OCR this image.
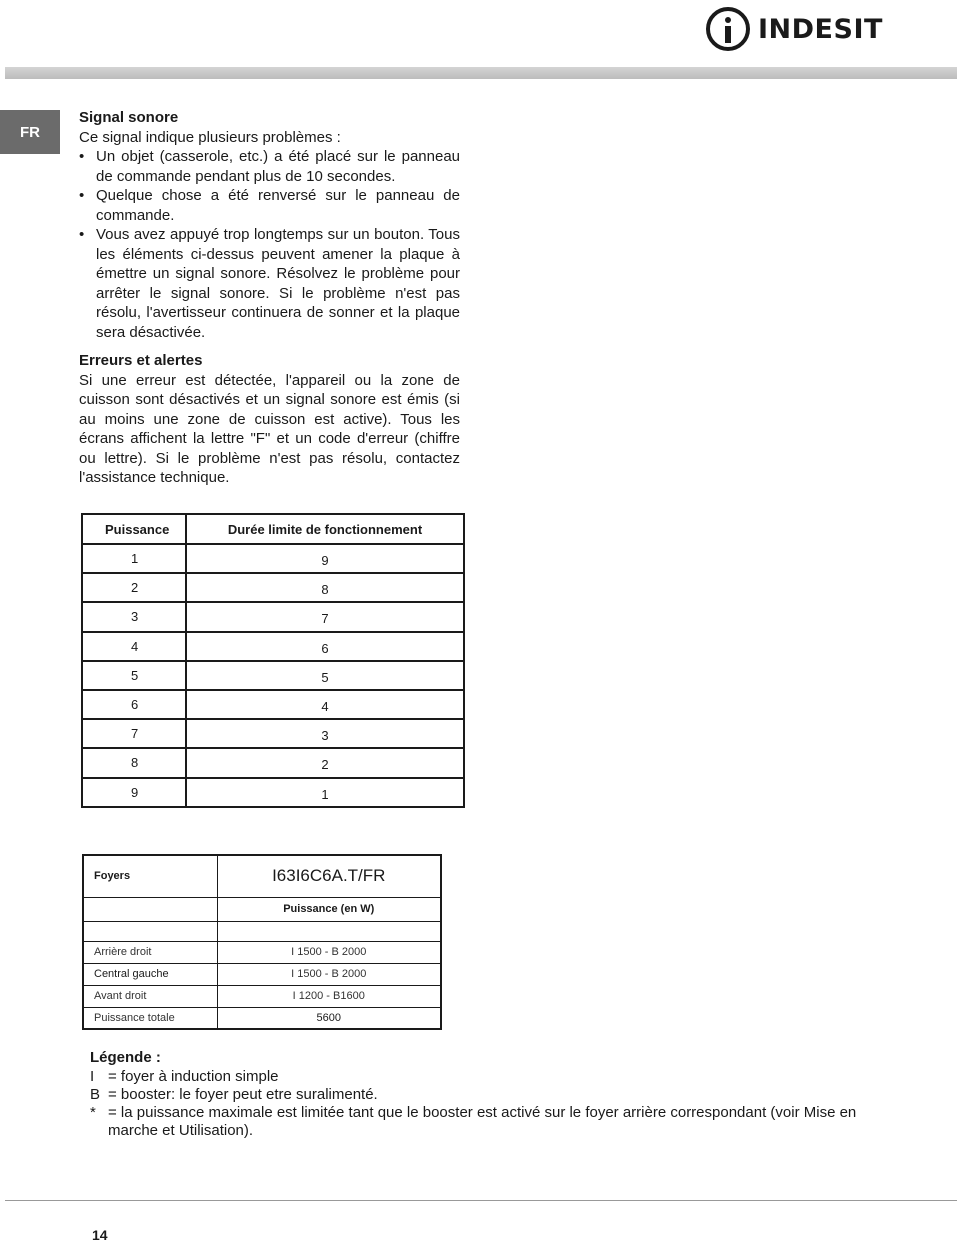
INDESIT
FR
Signal sonore

Ce signal indique plusieurs problèmes :

• Un objet (casserole, etc.) a été placé sur le panneau de commande pendant plus de 10 secondes.
• Quelque chose a été renversé sur le panneau de commande.
• Vous avez appuyé trop longtemps sur un bouton. Tous les éléments ci-dessus peuvent amener la plaque à émettre un signal sonore. Résolvez le problème pour arrêter le signal sonore. Si le problème n'est pas résolu, l'avertisseur continuera de sonner et la plaque sera désactivée.
Erreurs et alertes

Si une erreur est détectée, l'appareil ou la zone de cuisson sont désactivés et un signal sonore est émis (si au moins une zone de cuisson est active). Tous les écrans affichent la lettre "F" et un code d'erreur (chiffre ou lettre). Si le problème n'est pas résolu, contactez l'assistance technique.

Puissance	Durée limite de fonctionnement
1	9
2	8
3	7
4	6
5	5
6	4
7	3
8	2
9	1
Foyers	I63I6C6A.T/FR
	Puissance (en W)

Arrière droit	I 1500 - B 2000
Central gauche	I 1500 - B 2000
Avant droit	I 1200 - B1600
Puissance totale	5600
Légende :
I = foyer à induction simple
B = booster: le foyer peut etre suralimenté.
* = la puissance maximale est limitée tant que le booster est activé sur le foyer arrière correspondant (voir Mise en marche et Utilisation).
14
